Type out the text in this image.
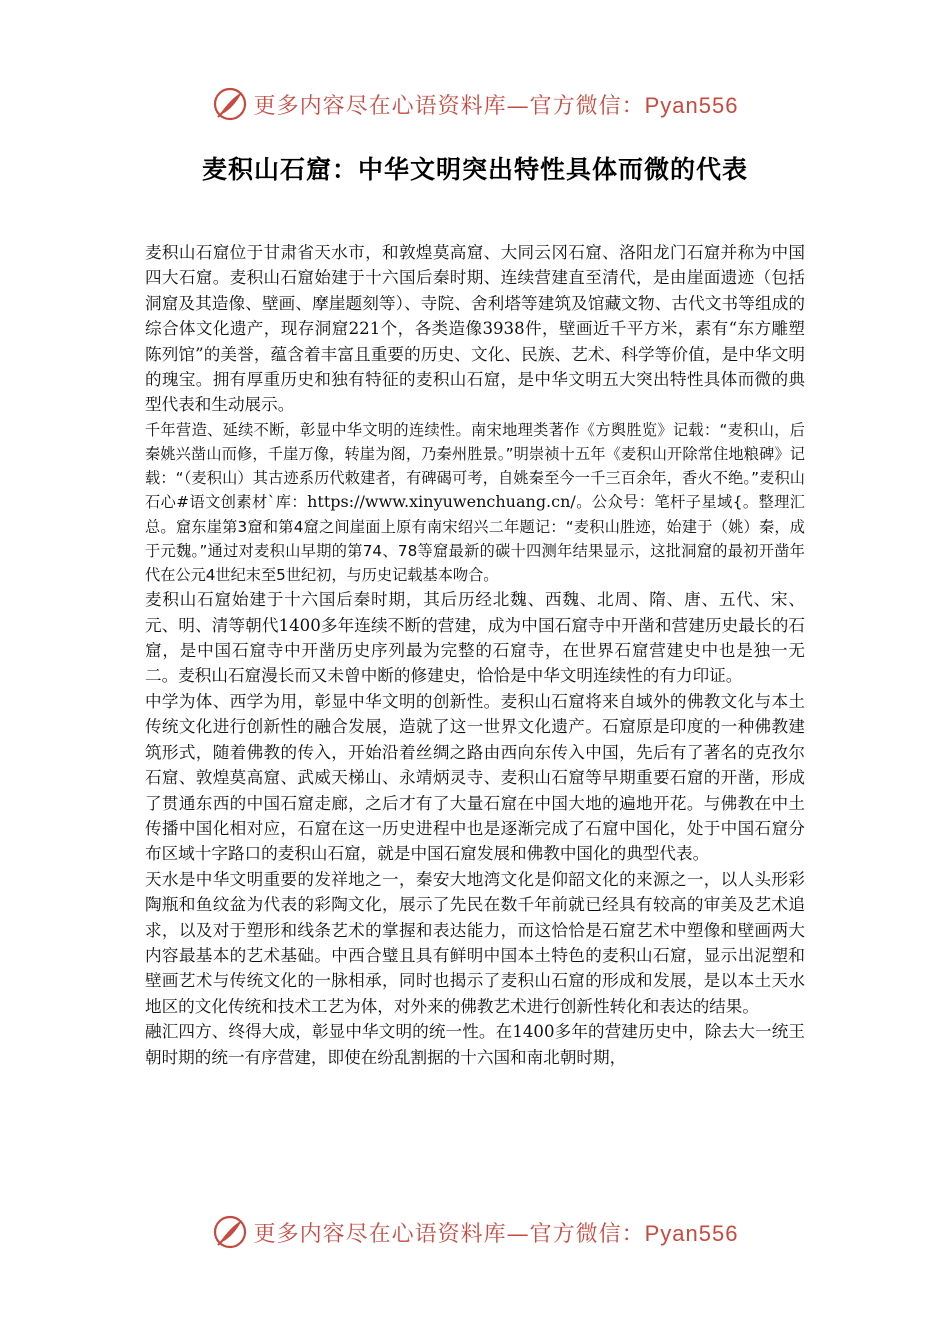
更多内容尽在心语资料库—官方微信：Pyan556
麦积山石窟：中华文明突出特性具体而微的代表

麦积山石窟位于甘肃省天水市，和敦煌莫高窟、大同云冈石窟、洛阳龙门石窟并称为中国四大石窟。麦积山石窟始建于十六国后秦时期、连续营建直至清代，是由崖面遗迹（包括洞窟及其造像、壁画、摩崖题刻等）、寺院、舍利塔等建筑及馆藏文物、古代文书等组成的综合体文化遗产，现存洞窟221个，各类造像3938件，壁画近千平方米，素有“东方雕塑陈列馆”的美誉，蕴含着丰富且重要的历史、文化、民族、艺术、科学等价值，是中华文明的瑰宝。拥有厚重历史和独有特征的麦积山石窟，是中华文明五大突出特性具体而微的典型代表和生动展示。

千年营造、延续不断，彰显中华文明的连续性。南宋地理类著作《方舆胜览》记载：“麦积山，后秦姚兴凿山而修，千崖万像，转崖为阁，乃秦州胜景。”明崇祯十五年《麦积山开除常住地粮碑》记载：“（麦积山）其古迹系历代敕建者，有碑碣可考，自姚秦至今一千三百余年，香火不绝。”麦积山石心#语文创素材`库：https://www.xinyuwenchuang.cn/。公众号：笔杆子星域{。整理汇总。窟东崖第3窟和第4窟之间崖面上原有南宋绍兴二年题记：“麦积山胜迹，始建于（姚）秦，成于元魏。”通过对麦积山早期的第74、78等窟最新的碳十四测年结果显示，这批洞窟的最初开凿年代在公元4世纪末至5世纪初，与历史记载基本吻合。

麦积山石窟始建于十六国后秦时期，其后历经北魏、西魏、北周、隋、唐、五代、宋、元、明、清等朝代1400多年连续不断的营建，成为中国石窟寺中开凿和营建历史最长的石窟，是中国石窟寺中开凿历史序列最为完整的石窟寺，在世界石窟营建史中也是独一无二。麦积山石窟漫长而又未曾中断的修建史，恰恰是中华文明连续性的有力印证。

中学为体、西学为用，彰显中华文明的创新性。麦积山石窟将来自域外的佛教文化与本土传统文化进行创新性的融合发展，造就了这一世界文化遗产。石窟原是印度的一种佛教建筑形式，随着佛教的传入，开始沿着丝绸之路由西向东传入中国，先后有了著名的克孜尔石窟、敦煌莫高窟、武威天梯山、永靖炳灵寺、麦积山石窟等早期重要石窟的开凿，形成了贯通东西的中国石窟走廊，之后才有了大量石窟在中国大地的遍地开花。与佛教在中土传播中国化相对应，石窟在这一历史进程中也是逐渐完成了石窟中国化，处于中国石窟分布区域十字路口的麦积山石窟，就是中国石窟发展和佛教中国化的典型代表。

天水是中华文明重要的发祥地之一，秦安大地湾文化是仰韶文化的来源之一，以人头形彩陶瓶和鱼纹盆为代表的彩陶文化，展示了先民在数千年前就已经具有较高的审美及艺术追求，以及对于塑形和线条艺术的掌握和表达能力，而这恰恰是石窟艺术中塑像和壁画两大内容最基本的艺术基础。中西合璧且具有鲜明中国本土特色的麦积山石窟，显示出泥塑和壁画艺术与传统文化的一脉相承，同时也揭示了麦积山石窟的形成和发展，是以本土天水地区的文化传统和技术工艺为体，对外来的佛教艺术进行创新性转化和表达的结果。

融汇四方、终得大成，彰显中华文明的统一性。在1400多年的营建历史中，除去大一统王朝时期的统一有序营建，即使在纷乱割据的十六国和南北朝时期，

更多内容尽在心语资料库—官方微信：Pyan556
